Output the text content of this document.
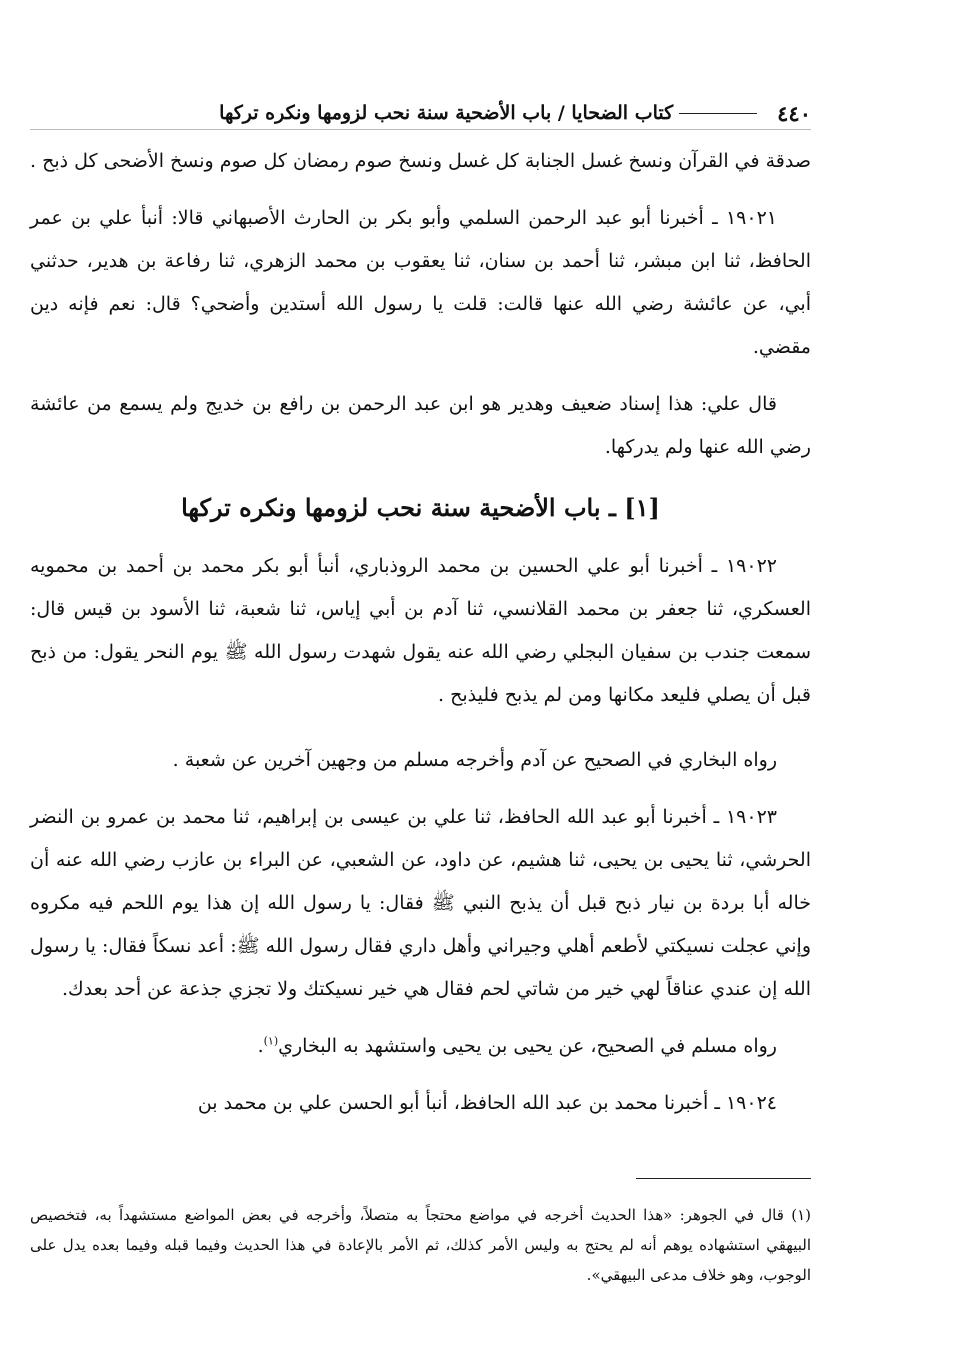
٤٤٠
كتاب الضحايا / باب الأضحية سنة نحب لزومها ونكره تركها

صدقة في القرآن ونسخ غسل الجنابة كل غسل ونسخ صوم رمضان كل صوم ونسخ الأضحى كل ذبح .

١٩٠٢١ ـ أخبرنا أبو عبد الرحمن السلمي وأبو بكر بن الحارث الأصبهاني قالا: أنبأ علي بن عمر الحافظ، ثنا ابن مبشر، ثنا أحمد بن سنان، ثنا يعقوب بن محمد الزهري، ثنا رفاعة بن هدير، حدثني أبي، عن عائشة رضي الله عنها قالت: قلت يا رسول الله أستدين وأضحي؟ قال: نعم فإنه دين مقضي.

قال علي: هذا إسناد ضعيف وهدير هو ابن عبد الرحمن بن رافع بن خديج ولم يسمع من عائشة رضي الله عنها ولم يدركها.

[١] ـ باب الأضحية سنة نحب لزومها ونكره تركها

١٩٠٢٢ ـ أخبرنا أبو علي الحسين بن محمد الروذباري، أنبأ أبو بكر محمد بن أحمد بن محمويه العسكري، ثنا جعفر بن محمد القلانسي، ثنا آدم بن أبي إياس، ثنا شعبة، ثنا الأسود بن قيس قال: سمعت جندب بن سفيان البجلي رضي الله عنه يقول شهدت رسول الله ﷺ يوم النحر يقول: من ذبح قبل أن يصلي فليعد مكانها ومن لم يذبح فليذبح .

رواه البخاري في الصحيح عن آدم وأخرجه مسلم من وجهين آخرين عن شعبة .

١٩٠٢٣ ـ أخبرنا أبو عبد الله الحافظ، ثنا علي بن عيسى بن إبراهيم، ثنا محمد بن عمرو بن النضر الحرشي، ثنا يحيى بن يحيى، ثنا هشيم، عن داود، عن الشعبي، عن البراء بن عازب رضي الله عنه أن خاله أبا بردة بن نيار ذبح قبل أن يذبح النبي ﷺ فقال: يا رسول الله إن هذا يوم اللحم فيه مكروه وإني عجلت نسيكتي لأطعم أهلي وجيراني وأهل داري فقال رسول الله ﷺ: أعد نسكاً فقال: يا رسول الله إن عندي عناقاً لهي خير من شاتي لحم فقال هي خير نسيكتك ولا تجزي جذعة عن أحد بعدك.

رواه مسلم في الصحيح، عن يحيى بن يحيى واستشهد به البخاري$^{(١)}$.

١٩٠٢٤ ـ أخبرنا محمد بن عبد الله الحافظ، أنبأ أبو الحسن علي بن محمد بن

(١) قال في الجوهر: «هذا الحديث أخرجه في مواضع محتجاً به متصلاً، وأخرجه في بعض المواضع مستشهداً به، فتخصيص البيهقي استشهاده يوهم أنه لم يحتج به وليس الأمر كذلك، ثم الأمر بالإعادة في هذا الحديث وفيما قبله وفيما بعده يدل على الوجوب، وهو خلاف مدعى البيهقي».
